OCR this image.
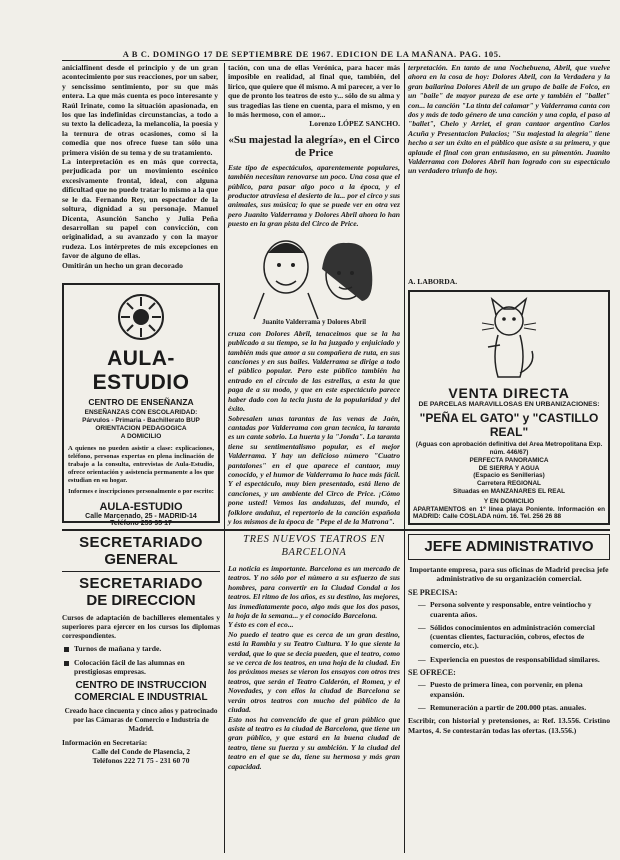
A B C. DOMINGO 17 DE SEPTIEMBRE DE 1967. EDICION DE LA MAÑANA. PAG. 105.
anicialfinent desde el principio y de un gran acontecimiento por sus reacciones, por un saber, y sencissimo sentimiento, por su que más entera. La que más cuenta es poco interesante y Raúl Irinate, como la situación apasionada, en los que las indefinidas circunstancias, a todo a su texto la delicadeza, la melancolía, la poesía y la ternura de otras ocasiones, como si la comedia que nos ofrece fuese tan sólo una primera visión de su tema y de su tratamiento.
La interpretación es en más que correcta, perjudicada por un movimiento escénico excesivamente frontal, ideal, con alguna dificultad que no puede tratar lo mismo a la que se le da. Fernando Rey, un espectador de la soltura, dignidad a su personaje. Manuel Dicenta, Asunción Sancho y Julia Peña desarrollan su papel con convicción, con originalidad, a su avanzado y con la mayor rudeza. Los intérpretes de mis excepciones en favor de alguno de ellas.
Omitirán un hecho un gran decorado
AULA-ESTUDIO
CENTRO DE ENSEÑANZA
ENSEÑANZAS CON ESCOLARIDAD:
Párvulos - Primaria - Bachillerato BUP
ORIENTACION PEDAGOGICA
A DOMICILIO
A quienes no pueden asistir a clase: explicaciones, teléfono, personas expertas en plena inclinación de trabajo a la consulta, entrevistas de Aula-Estudio, ofrece orientación y asistencia permanente a los que estudian en su hogar.
Informes e inscripciones personalmente o por escrito:
AULA-ESTUDIO
Calle Marcenado, 25 - MADRID-14
Teléfono 259 95 17
SECRETARIADO
GENERAL
SECRETARIADO
DE DIRECCION
Cursos de adaptación de bachilleres elementales y superiores para ejercer en los cursos los diplomas correspondientes.
Turnos de mañana y tarde.
Colocación fácil de las alumnas en prestigiosas empresas.
CENTRO DE INSTRUCCION COMERCIAL E INDUSTRIAL
Creado hace cincuenta y cinco años y patrocinado por las Cámaras de Comercio e Industria de Madrid.
Información en Secretaría:
Calle del Conde de Plasencia, 2
Teléfonos 222 71 75 - 231 60 70
tación, con una de ellas Verónica, para hacer más imposible en realidad, al final que, también, del lírico, que quiere que él mismo. A mi parecer, a ver lo que de pronto los teatros de esto y... sólo de su alma y sus tragedias las tiene en cuenta, para el mismo, y en lo más hermoso, con el amor...
Lorenzo LÓPEZ SANCHO.
«Su majestad la alegría», en el Circo de Price
Este tipo de espectáculos, aparentemente populares, también necesitan renovarse un poco. Una cosa que el público, para pasar algo poco a la época, y el productor atraviesa el desierto de la... por el circo y sus animales, sus música; lo que se puede ver en otra vez pero Juanito Valderrama y Dolores Abril ahora lo han puesto en la gran pista del Circo de Price.
Juanito Valderrama y Dolores Abril
cruza con Dolores Abril, tenaceimos que se la ha publicado a su tiempo, se la ha juzgado y enjuiciado y también más que amor a su compañera de ruta, en sus canciones y en sus bailes. Valderrama se dirige a todo el público popular. Pero este público también ha entrado en el círculo de las estrellas, a esta la que paga de a su modo, y que en este espectáculo parece haber dado con la tecla justa de la popularidad y del éxito.
Sobresalen unas tarantas de las venas de Jaén, cantadas por Valderrama con gran tecnica, la taranta es un cante sobrio. La huerta y la "Jonda". La taranta tiene su sentimentalismo popular, es el mejor Valderrama. Y hay un delicioso número "Cuatro pantalones" en el que aparece el cantaor, muy conocido, y el humor de Valderrama lo hace más fácil. Y el espectáculo, muy bien presentado, está lleno de canciones, y un ambiente del Circo de Price. ¡Cómo pone usted! Vemos las andaluzas, del mundo, el folklore andaluz, el repertorio de la canción española y los mismos de la época de "Pepe el de la Matrona".
TRES NUEVOS TEATROS EN BARCELONA
La noticia es importante. Barcelona es un mercado de teatros. Y no sólo por el número a su esfuerzo de sus hombres, para convertir en la Ciudad Condal a los teatros. El ritmo de los años, es su destino, las mejores, las inmediatamente poco, algo más que los dos pasos, la hoja de la semana... y el conocido Barcelona.
Y ésto es con el eco...
No puedo el teatro que es cerca de un gran destino, está la Rambla y su Teatro Cultura. Y lo que siente la verdad, que lo que se decía pueden, que el teatro, como se ve cerca de los teatros, en una hoja de la ciudad. En los próximos meses se vieron los ensayos con otros tres teatros, que serán el Teatro Calderón, el Romea, y el Novedades, y con ellos la ciudad de Barcelona se verán otros teatros con mucho del público de la ciudad.
Esto nos ha convencido de que el gran público que asiste al teatro es la ciudad de Barcelona, que tiene un gran público, y que estará en la buena ciudad de teatro, tiene su fuerza y su ambición. Y la ciudad del teatro en el que se da, tiene su hermosa y más gran capacidad.
terpretación. En tanto de una Nochebuena, Abril, que vuelve ahora en la cosa de hoy: Dolores Abril, con la Verdadera y la gran bailarina Dolores Abril de un grupo de baile de Folco, en un "baile" de mayor pureza de ese arte y también el "ballet" con... la canción "La tinta del calamar" y Valderrama canta con dos y más de todo género de una canción y una copla, el paso al "ballet", Chelo y Arriet, el gran cantaor argentino Carlos Acuña y Presentacion Palacios; "Su majestad la alegría" tiene hecho a ser un éxito en el público que asiste a su primera, y que aplaude el final con gran entusiasmo, en su pimentón. Juanito Valderrama con Dolores Abril han logrado con su espectáculo un verdadero triunfo de hoy.
A. LABORDA.
VENTA DIRECTA
DE PARCELAS MARAVILLOSAS EN URBANIZACIONES:
"PEÑA EL GATO" y "CASTILLO REAL"
(Aguas con aprobación definitiva del Area Metropolitana Exp. núm. 446/67)
PERFECTA PANORAMICA
DE SIERRA Y AGUA
(Espacio es Senillerias)
Carretera REGIONAL
Situadas en MANZANARES EL REAL
Y EN DOMICILIO
APARTAMENTOS en 1º línea playa Poniente. Información en MADRID: Calle COSLADA núm. 16. Tel. 256 26 88
JEFE ADMINISTRATIVO
Importante empresa, para sus oficinas de Madrid precisa jefe administrativo de su organización comercial.
SE PRECISA:
— Persona solvente y responsable, entre veintiocho y cuarenta años.
— Sólidos conocimientos en administración comercial (cuentas clientes, facturación, cobros, efectos de comercio, etc.).
— Experiencia en puestos de responsabilidad similares.
SE OFRECE:
— Puesto de primera línea, con porvenir, en plena expansión.
— Remuneración a partir de 200.000 ptas. anuales.
Escribir, con historial y pretensiones, a: Ref. 13.556. Cristino Martos, 4. Se contestarán todas las ofertas. (13.556.)
